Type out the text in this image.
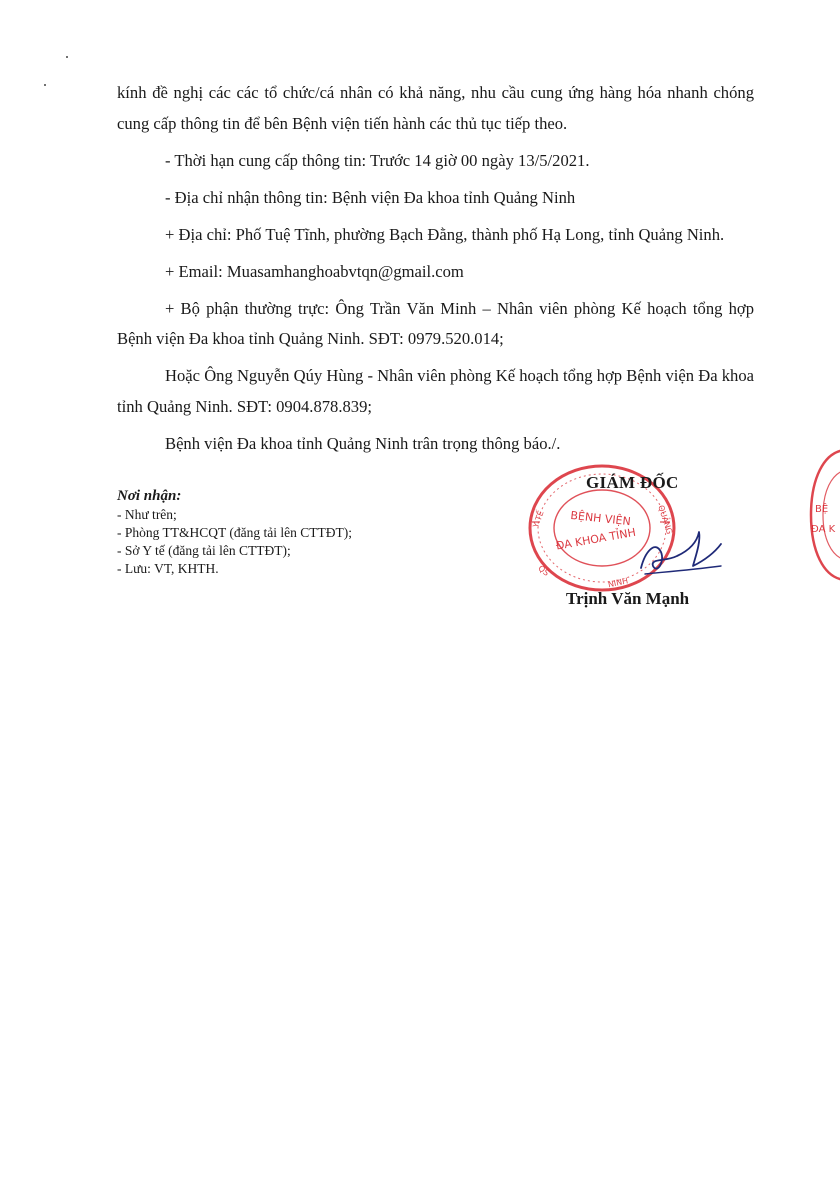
kính đề nghị các các tổ chức/cá nhân có khả năng, nhu cầu cung ứng hàng hóa nhanh chóng cung cấp thông tin để bên Bệnh viện tiến hành các thủ tục tiếp theo.

- Thời hạn cung cấp thông tin: Trước 14 giờ 00 ngày 13/5/2021.

- Địa chỉ nhận thông tin: Bệnh viện Đa khoa tỉnh Quảng Ninh

+ Địa chỉ: Phố Tuệ Tĩnh, phường Bạch Đằng, thành phố Hạ Long, tỉnh Quảng Ninh.

+ Email: Muasamhanghoabvtqn@gmail.com

+ Bộ phận thường trực: Ông Trần Văn Minh – Nhân viên phòng Kế hoạch tổng hợp Bệnh viện Đa khoa tỉnh Quảng Ninh. SĐT: 0979.520.014;

Hoặc Ông Nguyễn Qúy Hùng - Nhân viên phòng Kế hoạch tổng hợp Bệnh viện Đa khoa tỉnh Quảng Ninh. SĐT: 0904.878.839;

Bệnh viện Đa khoa tỉnh Quảng Ninh trân trọng thông báo./.

Nơi nhận:
- Như trên;
- Phòng TT&HCQT (đăng tải lên CTTĐT);
- Sở Y tế (đăng tải lên CTTĐT);
- Lưu: VT, KHTH.
BỆNH VIỆN
ĐA KHOA TỈNH
Y TẾ	QUẢNG
NINH
QS
GIÁM ĐỐC
Trịnh Văn Mạnh
BỆ
ĐA K
